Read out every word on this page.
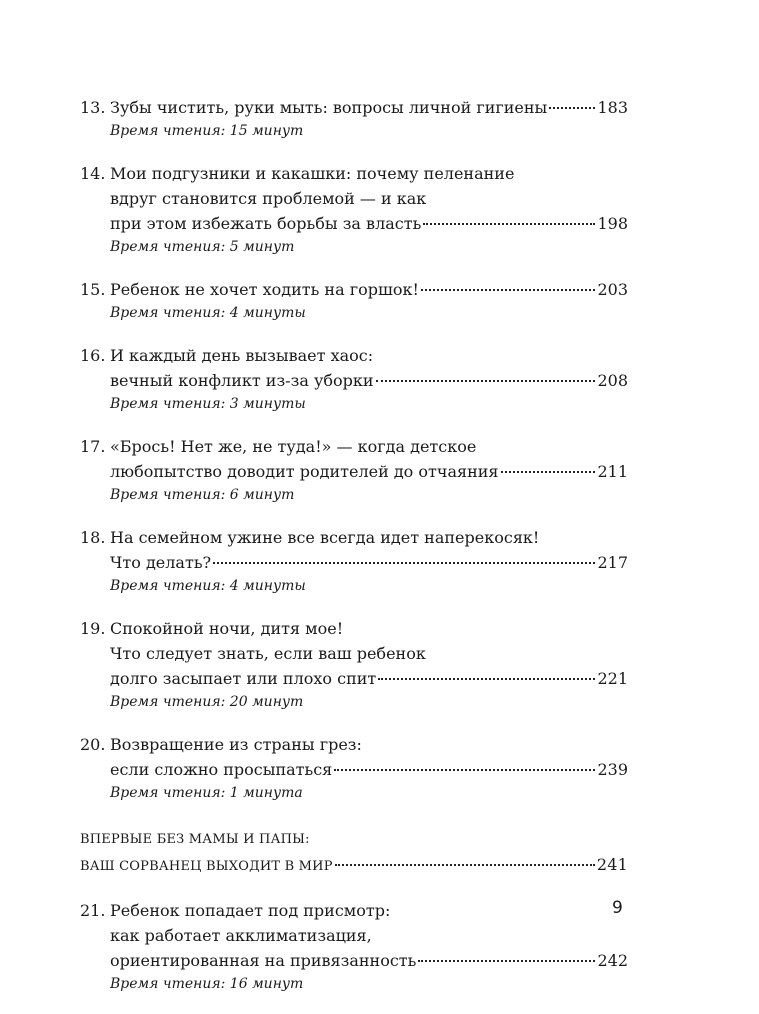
13. Зубы чистить, руки мыть: вопросы личной гигиены	183
Время чтения: 15 минут
14. Мои подгузники и какашки: почему пеленание
вдруг становится проблемой — и как
при этом избежать борьбы за власть	198
Время чтения: 5 минут
15. Ребенок не хочет ходить на горшок!	203
Время чтения: 4 минуты
16. И каждый день вызывает хаос:
вечный конфликт из-за уборки	208
Время чтения: 3 минуты
17. «Брось! Нет же, не туда!» — когда детское
любопытство доводит родителей до отчаяния	211
Время чтения: 6 минут
18. На семейном ужине все всегда идет наперекосяк!
Что делать?	217
Время чтения: 4 минуты
19. Спокойной ночи, дитя мое!
Что следует знать, если ваш ребенок
долго засыпает или плохо спит	221
Время чтения: 20 минут
20. Возвращение из страны грез:
если сложно просыпаться	239
Время чтения: 1 минута
ВПЕРВЫЕ БЕЗ МАМЫ И ПАПЫ:
ВАШ СОРВАНЕЦ ВЫХОДИТ В МИР	241
21. Ребенок попадает под присмотр:
как работает акклиматизация,
ориентированная на привязанность	242
Время чтения: 16 минут
9
